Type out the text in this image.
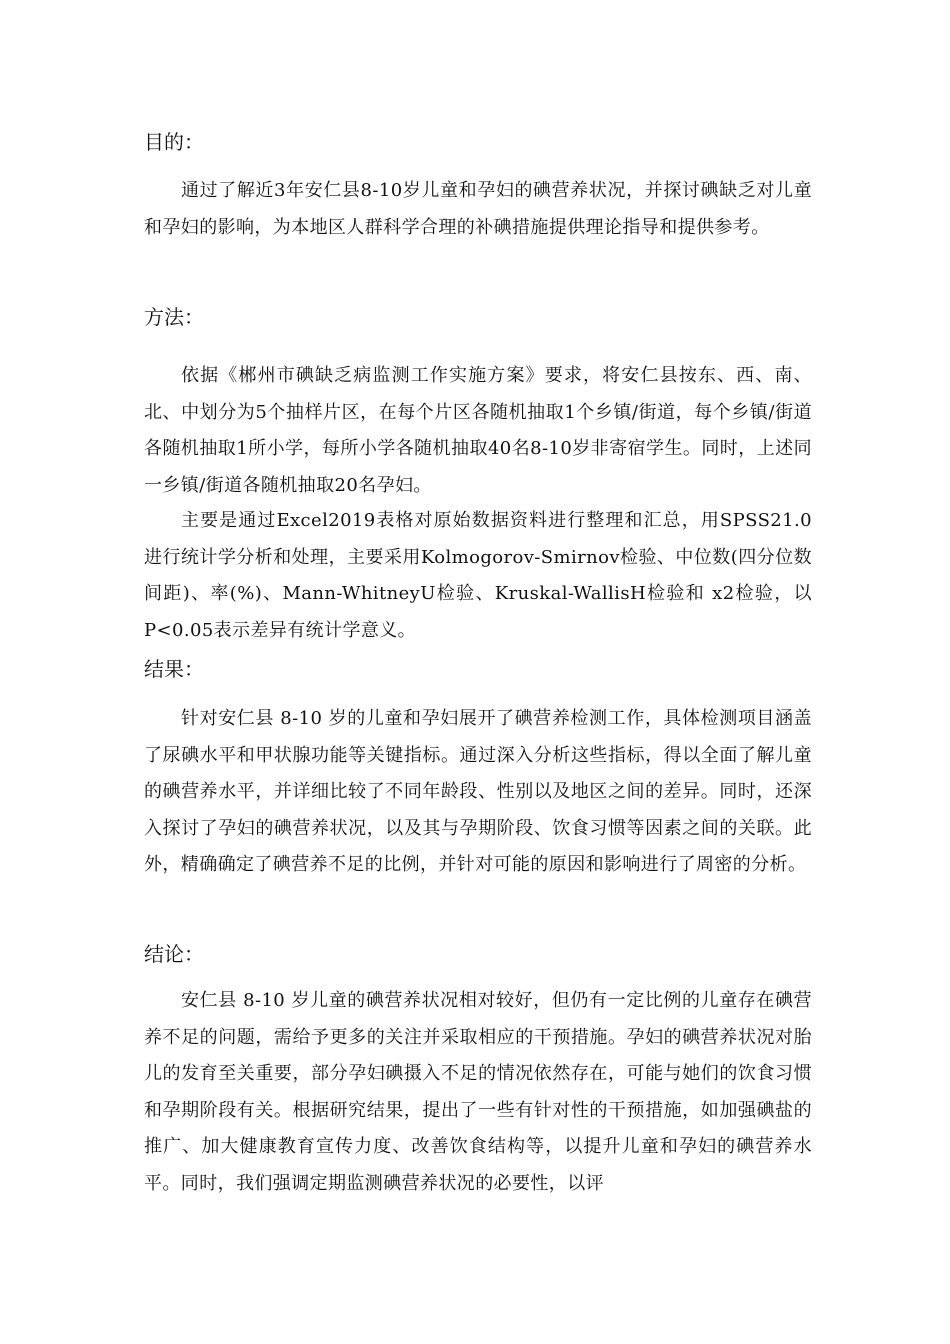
目的：

通过了解近3年安仁县8-10岁儿童和孕妇的碘营养状况，并探讨碘缺乏对儿童和孕妇的影响，为本地区人群科学合理的补碘措施提供理论指导和提供参考。

方法：

依据《郴州市碘缺乏病监测工作实施方案》要求，将安仁县按东、西、南、北、中划分为5个抽样片区，在每个片区各随机抽取1个乡镇/街道，每个乡镇/街道各随机抽取1所小学，每所小学各随机抽取40名8-10岁非寄宿学生。同时，上述同一乡镇/街道各随机抽取20名孕妇。

主要是通过Excel2019表格对原始数据资料进行整理和汇总，用SPSS21.0进行统计学分析和处理，主要采用Kolmogorov-Smirnov检验、中位数(四分位数间距)、率(%)、Mann-WhitneyU检验、Kruskal-WallisH检验和 x2检验，以P<0.05表示差异有统计学意义。

结果：

针对安仁县 8-10 岁的儿童和孕妇展开了碘营养检测工作，具体检测项目涵盖了尿碘水平和甲状腺功能等关键指标。通过深入分析这些指标，得以全面了解儿童的碘营养水平，并详细比较了不同年龄段、性别以及地区之间的差异。同时，还深入探讨了孕妇的碘营养状况，以及其与孕期阶段、饮食习惯等因素之间的关联。此外，精确确定了碘营养不足的比例，并针对可能的原因和影响进行了周密的分析。

结论：

安仁县 8-10 岁儿童的碘营养状况相对较好，但仍有一定比例的儿童存在碘营养不足的问题，需给予更多的关注并采取相应的干预措施。孕妇的碘营养状况对胎儿的发育至关重要，部分孕妇碘摄入不足的情况依然存在，可能与她们的饮食习惯和孕期阶段有关。根据研究结果，提出了一些有针对性的干预措施，如加强碘盐的推广、加大健康教育宣传力度、改善饮食结构等，以提升儿童和孕妇的碘营养水平。同时，我们强调定期监测碘营养状况的必要性，以评
